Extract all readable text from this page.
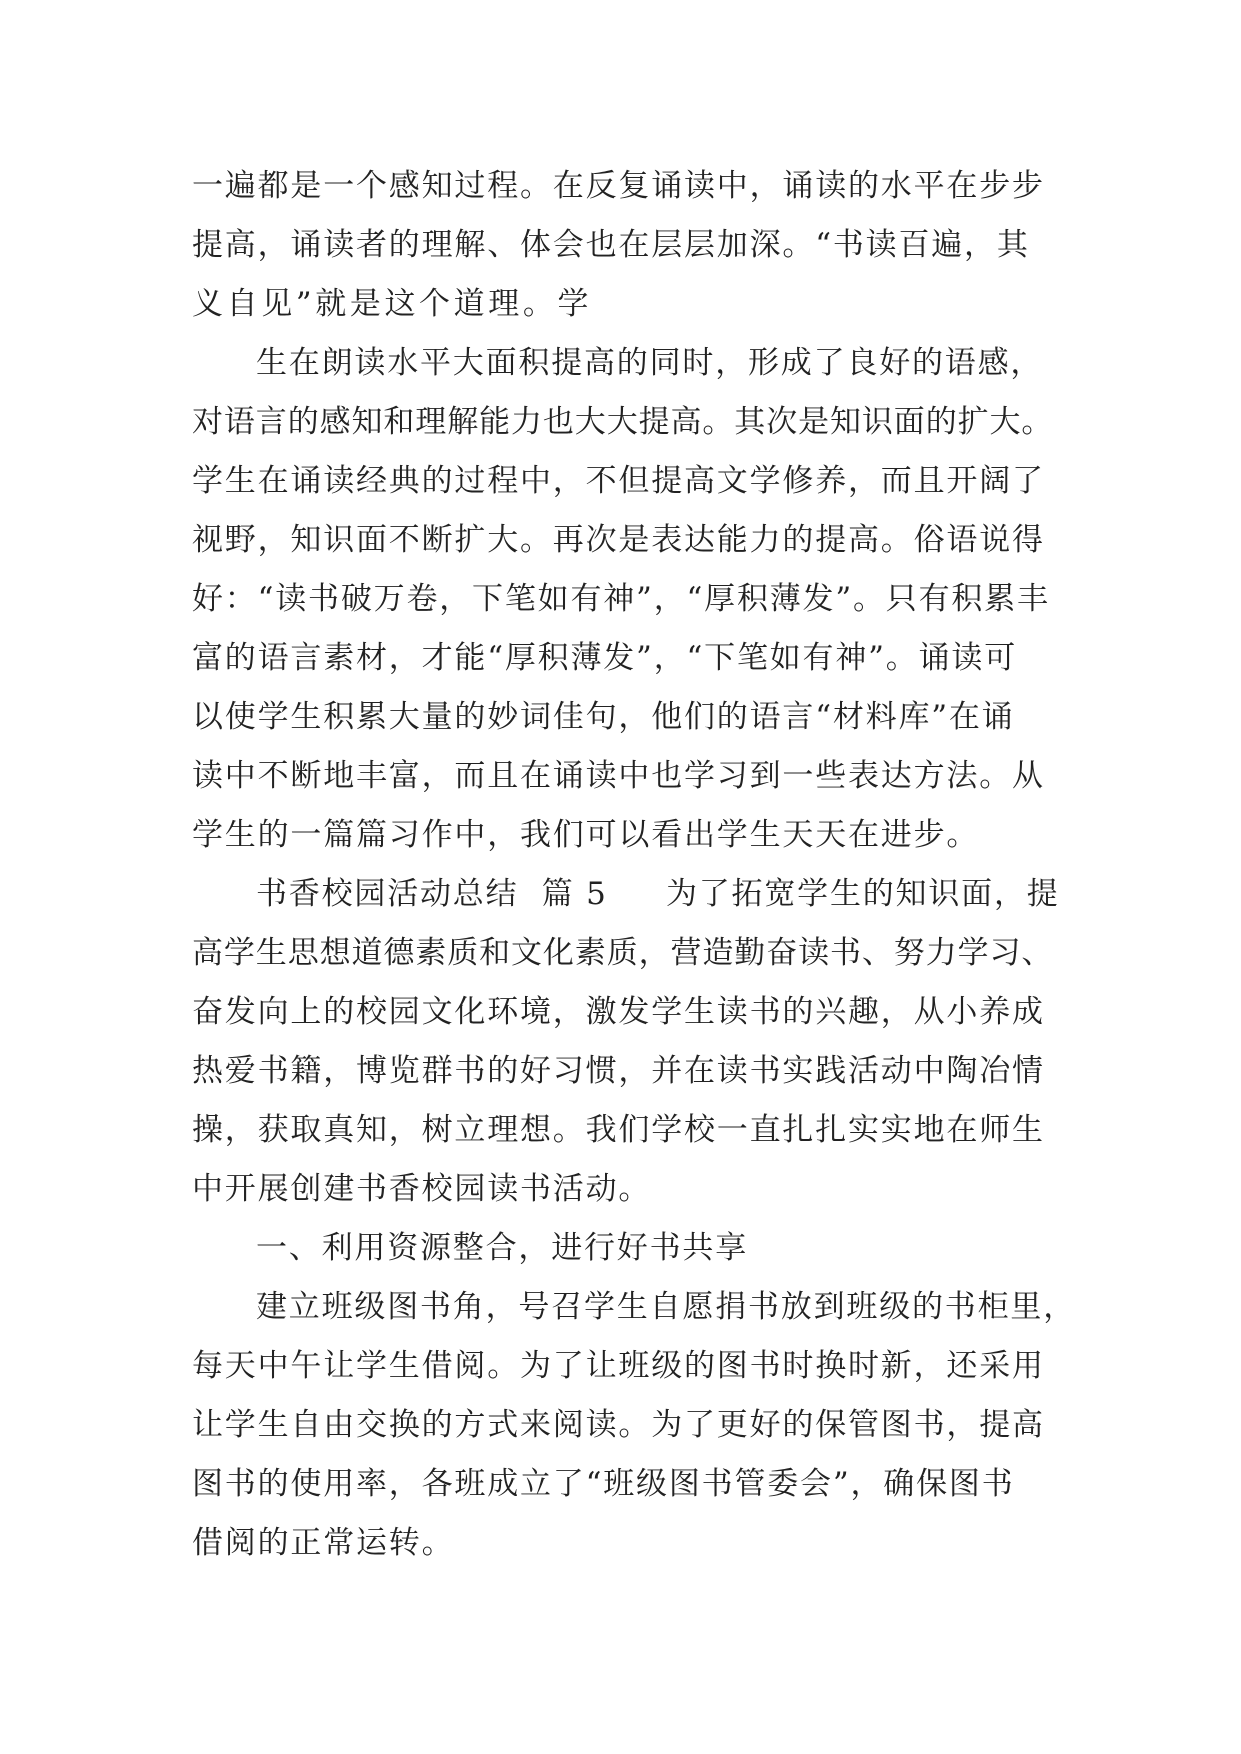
一遍都是一个感知过程。在反复诵读中，诵读的水平在步步

提高，诵读者的理解、体会也在层层加深。“书读百遍，其

义自见”就是这个道理。学

生在朗读水平大面积提高的同时，形成了良好的语感，

对语言的感知和理解能力也大大提高。其次是知识面的扩大。

学生在诵读经典的过程中，不但提高文学修养，而且开阔了

视野，知识面不断扩大。再次是表达能力的提高。俗语说得

好：“读书破万卷，下笔如有神”，“厚积薄发”。只有积累丰

富的语言素材，才能“厚积薄发”，“下笔如有神”。诵读可

以使学生积累大量的妙词佳句，他们的语言“材料库”在诵

读中不断地丰富，而且在诵读中也学习到一些表达方法。从

学生的一篇篇习作中，我们可以看出学生天天在进步。

书香校园活动总结  篇 5     为了拓宽学生的知识面，提

高学生思想道德素质和文化素质，营造勤奋读书、努力学习、

奋发向上的校园文化环境，激发学生读书的兴趣，从小养成

热爱书籍，博览群书的好习惯，并在读书实践活动中陶冶情

操，获取真知，树立理想。我们学校一直扎扎实实地在师生

中开展创建书香校园读书活动。

一、利用资源整合，进行好书共享

建立班级图书角，号召学生自愿捐书放到班级的书柜里，

每天中午让学生借阅。为了让班级的图书时换时新，还采用

让学生自由交换的方式来阅读。为了更好的保管图书，提高

图书的使用率，各班成立了“班级图书管委会”，确保图书

借阅的正常运转。
